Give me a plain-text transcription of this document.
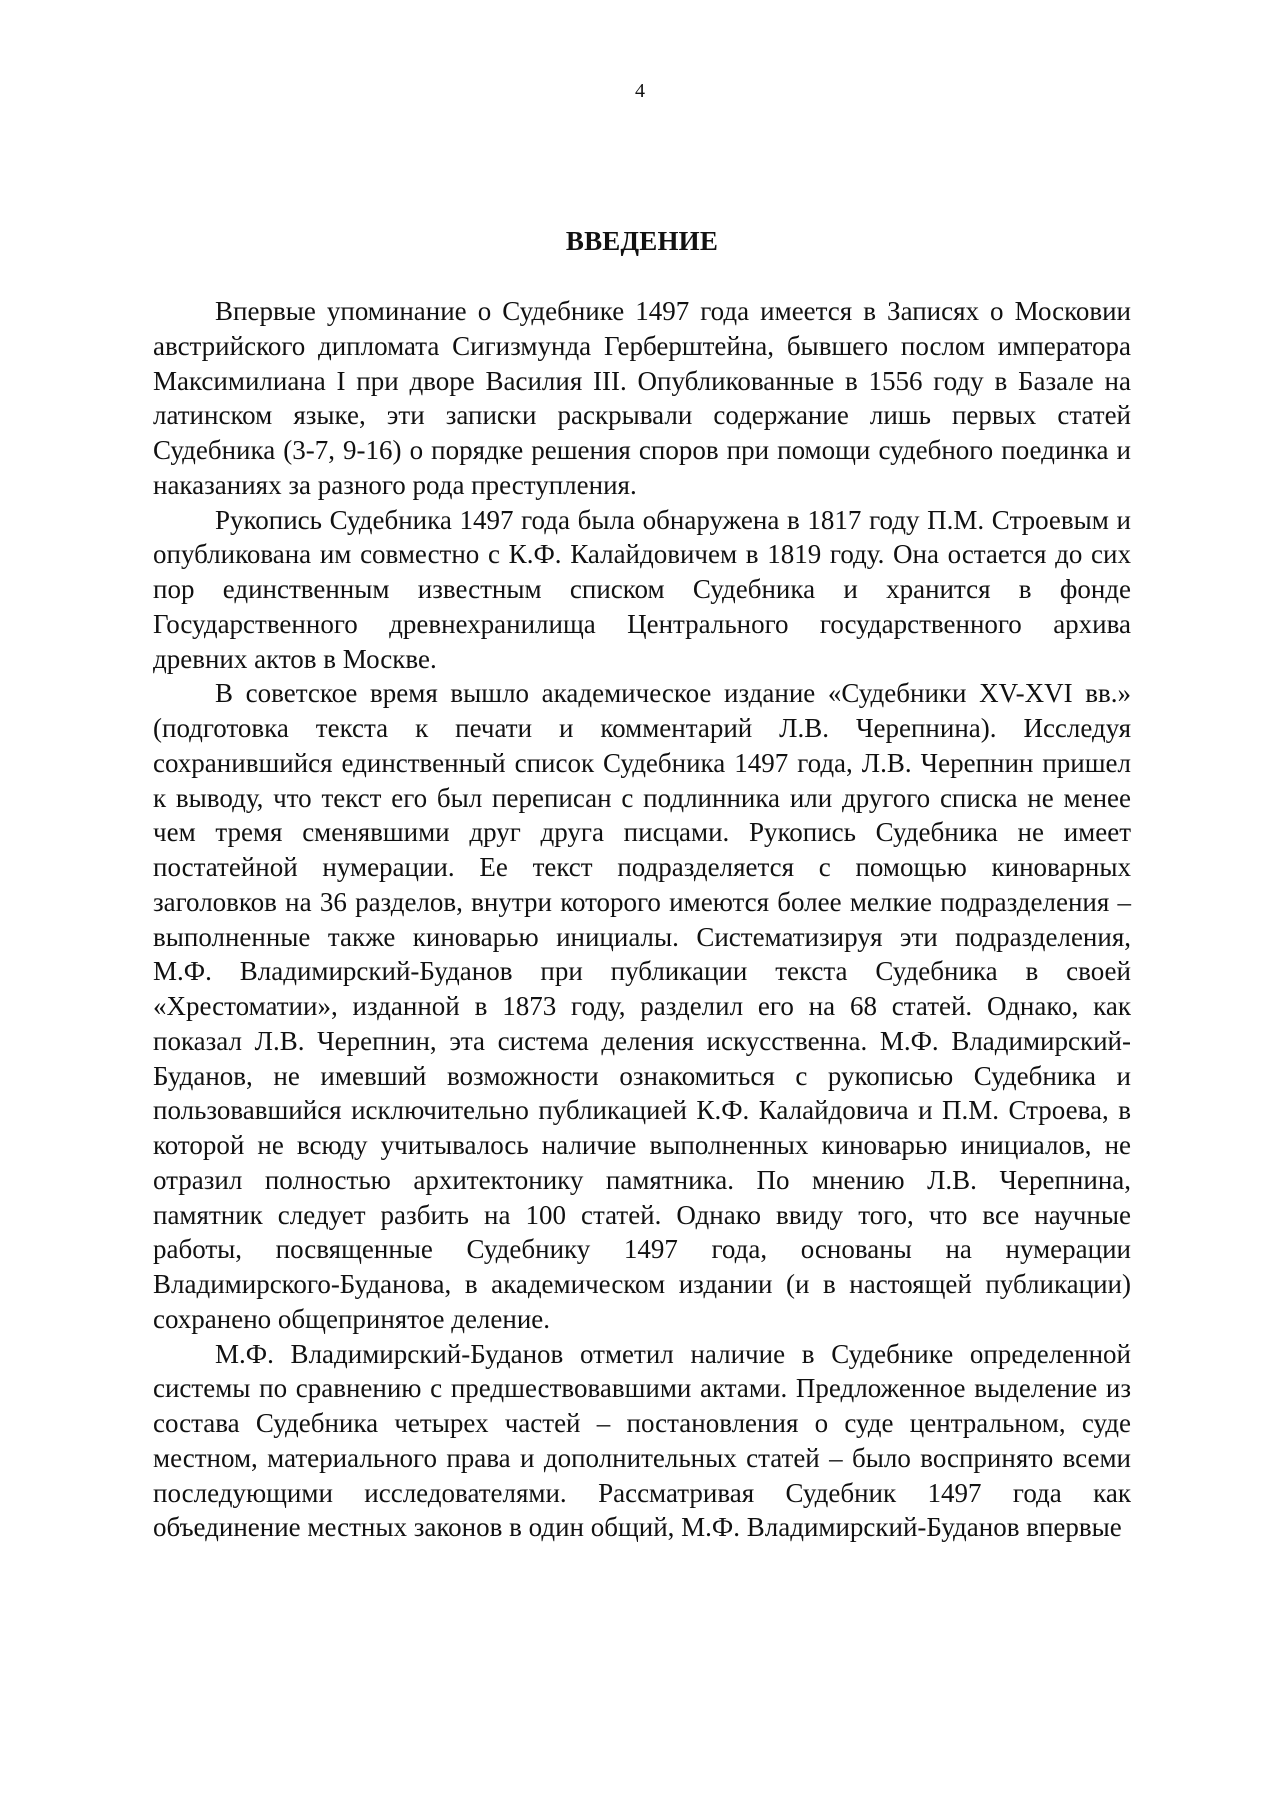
4
ВВЕДЕНИЕ

Впервые упоминание о Судебнике 1497 года имеется в Записях о Московии австрийского дипломата Сигизмунда Герберштейна, бывшего послом императора Максимилиана I при дворе Василия III. Опубликованные в 1556 году в Базале на латинском языке, эти записки раскрывали содержание лишь первых статей Судебника (3-7, 9-16) о порядке решения споров при помощи судебного поединка и наказаниях за разного рода преступления.

Рукопись Судебника 1497 года была обнаружена в 1817 году П.М. Строевым и опубликована им совместно с К.Ф. Калайдовичем в 1819 году. Она остается до сих пор единственным известным списком Судебника и хранится в фонде Государственного древнехранилища Центрального государственного архива древних актов в Москве.

В советское время вышло академическое издание «Судебники XV-XVI вв.» (подготовка текста к печати и комментарий Л.В. Черепнина). Исследуя сохранившийся единственный список Судебника 1497 года, Л.В. Черепнин пришел к выводу, что текст его был переписан с подлинника или другого списка не менее чем тремя сменявшими друг друга писцами. Рукопись Судебника не имеет постатейной нумерации. Ее текст подразделяется с помощью киноварных заголовков на 36 разделов, внутри которого имеются более мелкие подразделения – выполненные также киноварью инициалы. Систематизируя эти подразделения, М.Ф. Владимирский-Буданов при публикации текста Судебника в своей «Хрестоматии», изданной в 1873 году, разделил его на 68 статей. Однако, как показал Л.В. Черепнин, эта система деления искусственна. М.Ф. Владимирский-Буданов, не имевший возможности ознакомиться с рукописью Судебника и пользовавшийся исключительно публикацией К.Ф. Калайдовича и П.М. Строева, в которой не всюду учитывалось наличие выполненных киноварью инициалов, не отразил полностью архитектонику памятника. По мнению Л.В. Черепнина, памятник следует разбить на 100 статей. Однако ввиду того, что все научные работы, посвященные Судебнику 1497 года, основаны на нумерации Владимирского-Буданова, в академическом издании (и в настоящей публикации) сохранено общепринятое деление.

М.Ф. Владимирский-Буданов отметил наличие в Судебнике определенной системы по сравнению с предшествовавшими актами. Предложенное выделение из состава Судебника четырех частей – постановления о суде центральном, суде местном, материального права и дополнительных статей – было воспринято всеми последующими исследователями. Рассматривая Судебник 1497 года как объединение местных законов в один общий, М.Ф. Владимирский-Буданов впервые
